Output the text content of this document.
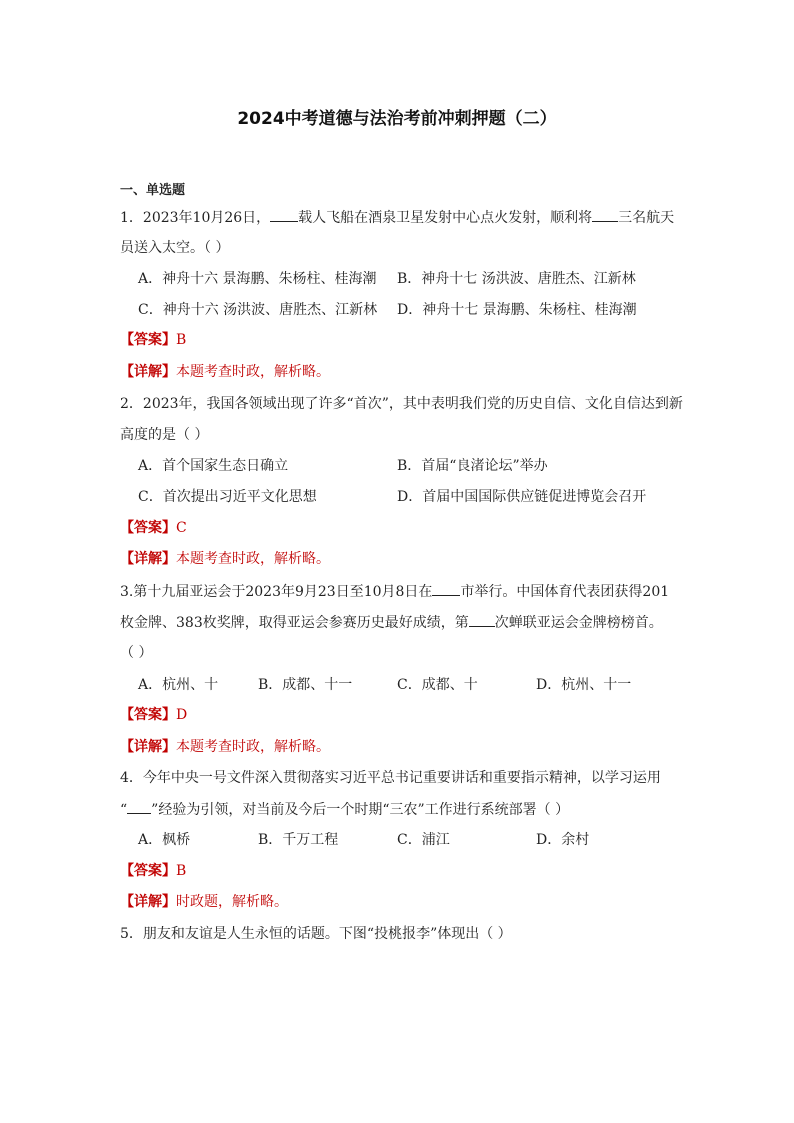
2024中考道德与法治考前冲刺押题（二）
一、单选题
1．2023年10月26日， 载人飞船在酒泉卫星发射中心点火发射，顺利将 三名航天
员送入太空。（ ）
A．神舟十六 景海鹏、朱杨柱、桂海潮 B．神舟十七 汤洪波、唐胜杰、江新林
C．神舟十六 汤洪波、唐胜杰、江新林 D．神舟十七 景海鹏、朱杨柱、桂海潮
【答案】B
【详解】本题考查时政，解析略。
2．2023年，我国各领域出现了许多“首次”，其中表明我们党的历史自信、文化自信达到新
高度的是（ ）
A．首个国家生态日确立	B．首届“良渚论坛”举办
C．首次提出习近平文化思想	D．首届中国国际供应链促进博览会召开
【答案】C
【详解】本题考查时政，解析略。
3.第十九届亚运会于2023年9月23日至10月8日在 市举行。中国体育代表团获得201
枚金牌、383枚奖牌，取得亚运会参赛历史最好成绩，第 次蝉联亚运会金牌榜榜首。
（ ）
A．杭州、十	B．成都、十一	C．成都、十	D．杭州、十一
【答案】D
【详解】本题考查时政，解析略。
4．今年中央一号文件深入贯彻落实习近平总书记重要讲话和重要指示精神，以学习运用
“ ”经验为引领，对当前及今后一个时期“三农”工作进行系统部署（ ）
A．枫桥	B．千万工程	C．浦江	D．余村
【答案】B
【详解】时政题，解析略。
5．朋友和友谊是人生永恒的话题。下图“投桃报李”体现出（ ）
